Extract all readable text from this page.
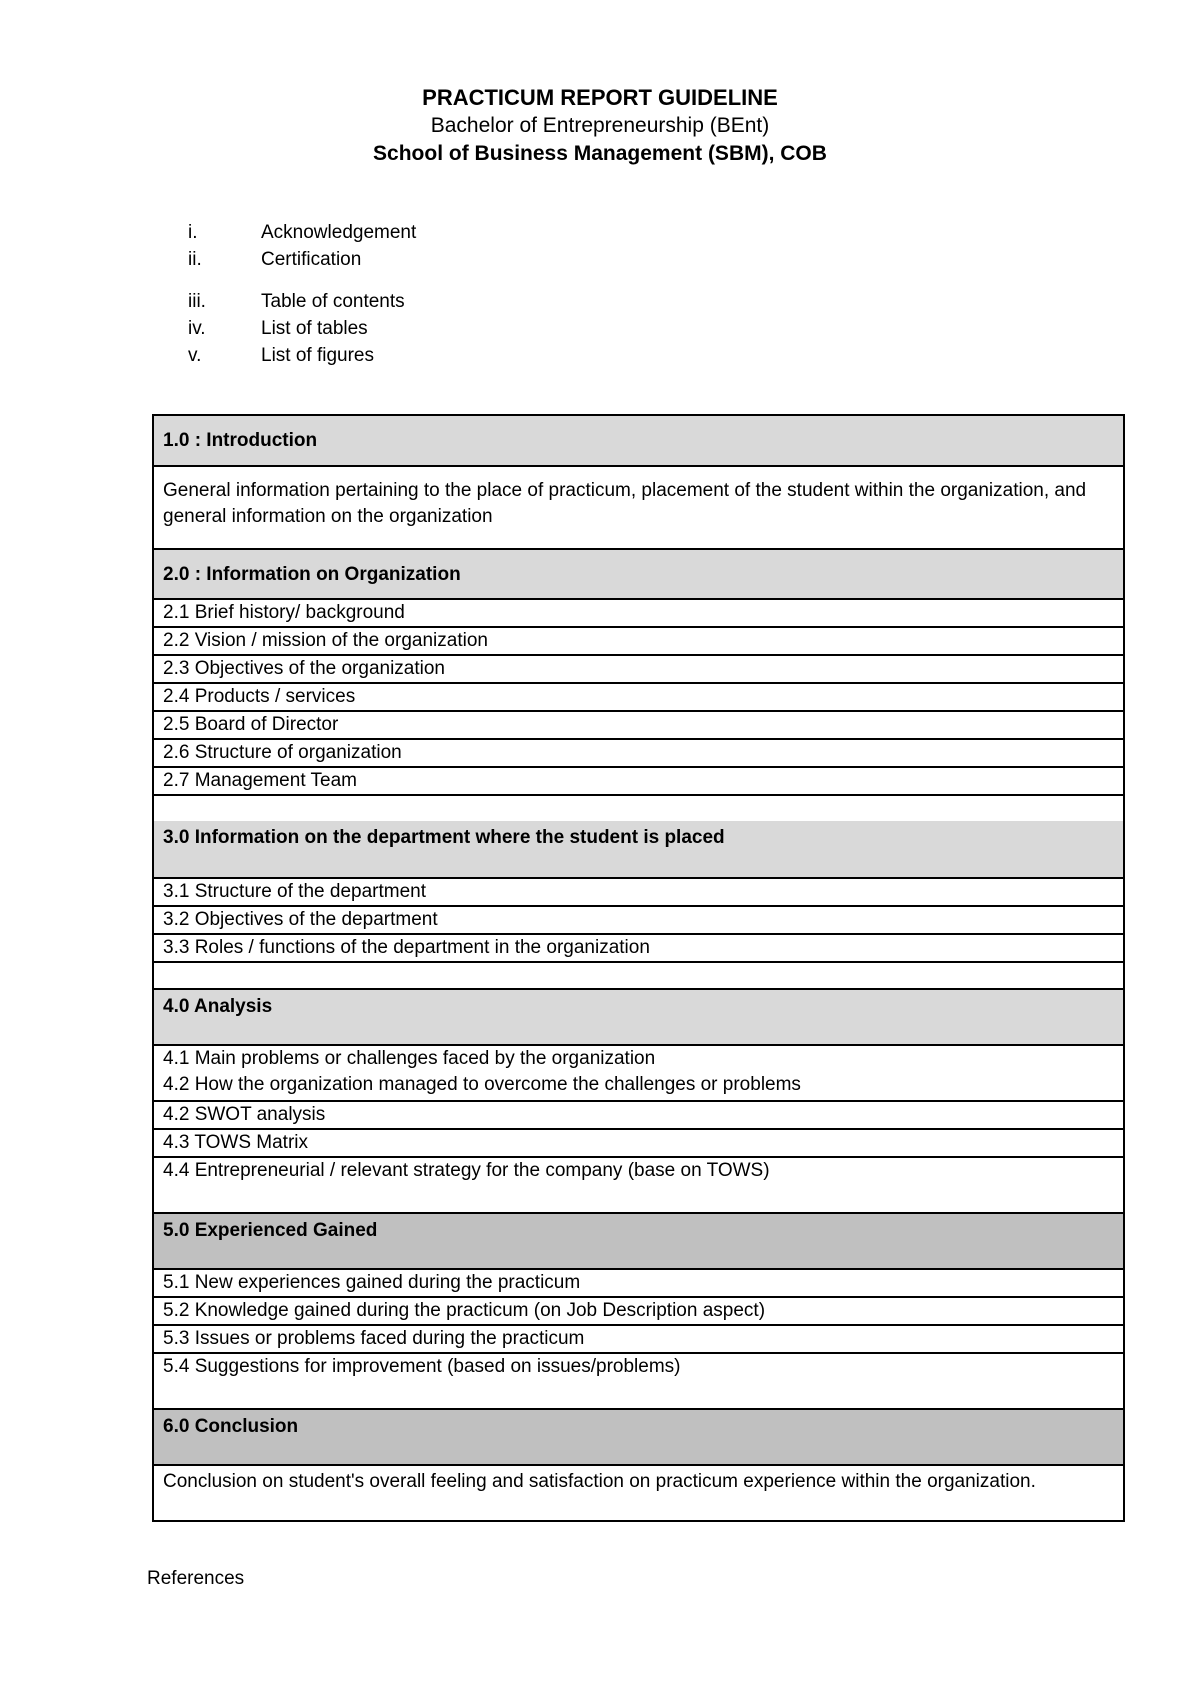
PRACTICUM REPORT GUIDELINE
Bachelor of Entrepreneurship (BEnt)
School of Business Management (SBM), COB
i.	Acknowledgement
ii.	Certification
iii.	Table of contents
iv.	List of tables
v.	List of figures
1.0 : Introduction
General information pertaining to the place of practicum, placement of the student within the organization, and general information on the organization
2.0 : Information on Organization
2.1 Brief history/ background
2.2 Vision / mission of the organization
2.3 Objectives of the organization
2.4 Products / services
2.5 Board of Director
2.6 Structure of organization
2.7 Management Team
3.0 Information on the department where the student is placed
3.1 Structure of the department
3.2 Objectives of the department
3.3 Roles / functions of the department in the organization
4.0 Analysis
4.1 Main problems or challenges faced by the organization
4.2 How the organization managed to overcome the challenges or problems
4.2 SWOT analysis
4.3 TOWS Matrix
4.4 Entrepreneurial / relevant strategy for the company (base on TOWS)
5.0 Experienced Gained
5.1 New experiences gained during the practicum
5.2 Knowledge gained during the practicum (on Job Description aspect)
5.3 Issues or problems faced during the practicum
5.4 Suggestions for improvement (based on issues/problems)
6.0 Conclusion
Conclusion on student's overall feeling and satisfaction on practicum experience within the organization.
References
